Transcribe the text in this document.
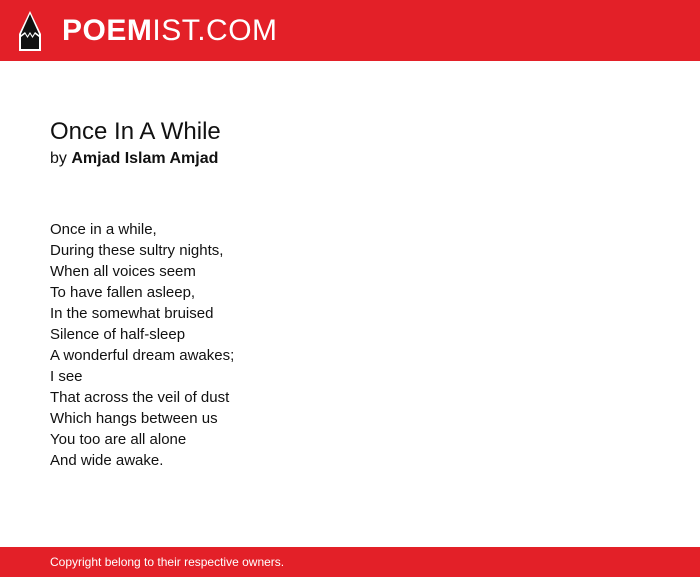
POEMIST.COM
Once In A While
by Amjad Islam Amjad
Once in a while,
During these sultry nights,
When all voices seem
To have fallen asleep,
In the somewhat bruised
Silence of half-sleep
A wonderful dream awakes;
I see
That across the veil of dust
Which hangs between us
You too are all alone
And wide awake.
Copyright belong to their respective owners.
